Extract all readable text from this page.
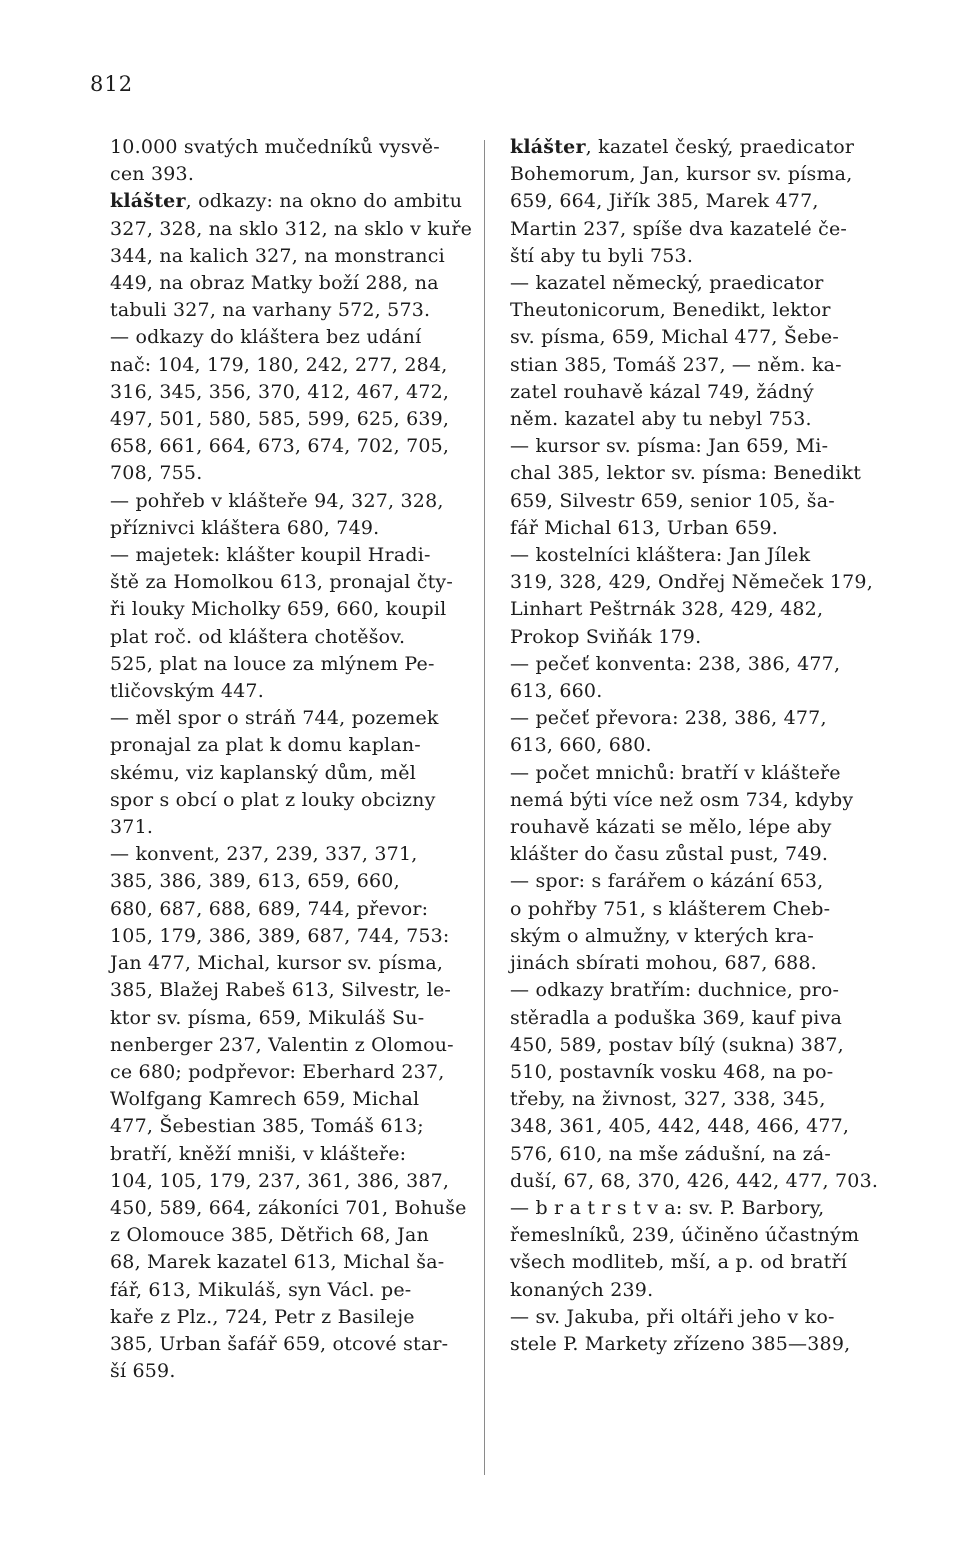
812
10.000 svatých mučedníků vysvě-
cen 393.
klášter, odkazy: na okno do ambitu
327, 328, na sklo 312, na sklo v kuře
344, na kalich 327, na monstranci
449, na obraz Matky boží 288, na
tabuli 327, na varhany 572, 573.
— odkazy do kláštera bez udání
nač: 104, 179, 180, 242, 277, 284,
316, 345, 356, 370, 412, 467, 472,
497, 501, 580, 585, 599, 625, 639,
658, 661, 664, 673, 674, 702, 705,
708, 755.
— pohřeb v klášteře 94, 327, 328,
příznivci kláštera 680, 749.
— majetek: klášter koupil Hradi-
ště za Homolkou 613, pronajal čty-
ři louky Micholky 659, 660, koupil
plat roč. od kláštera chotěšov.
525, plat na louce za mlýnem Pe-
tličovským 447.
— měl spor o stráň 744, pozemek
pronajal za plat k domu kaplan-
skému, viz kaplanský dům, měl
spor s obcí o plat z louky obcizny
371.
— konvent, 237, 239, 337, 371,
385, 386, 389, 613, 659, 660,
680, 687, 688, 689, 744, převor:
105, 179, 386, 389, 687, 744, 753:
Jan 477, Michal, kursor sv. písma,
385, Blažej Rabeš 613, Silvestr, le-
ktor sv. písma, 659, Mikuláš Su-
nenberger 237, Valentin z Olomou-
ce 680; podpřevor: Eberhard 237,
Wolfgang Kamrech 659, Michal
477, Šebestian 385, Tomáš 613;
bratří, kněží mniši, v klášteře:
104, 105, 179, 237, 361, 386, 387,
450, 589, 664, zákoníci 701, Bohuše
z Olomouce 385, Dětřich 68, Jan
68, Marek kazatel 613, Michal ša-
fář, 613, Mikuláš, syn Václ. pe-
kaře z Plz., 724, Petr z Basileje
385, Urban šafář 659, otcové star-
ší 659.
klášter, kazatel český, praedicator
Bohemorum, Jan, kursor sv. písma,
659, 664, Jiřík 385, Marek 477,
Martin 237, spíše dva kazatelé če-
ští aby tu byli 753.
— kazatel německý, praedicator
Theutonicorum, Benedikt, lektor
sv. písma, 659, Michal 477, Šebe-
stian 385, Tomáš 237, — něm. ka-
zatel rouhavě kázal 749, žádný
něm. kazatel aby tu nebyl 753.
— kursor sv. písma: Jan 659, Mi-
chal 385, lektor sv. písma: Benedikt
659, Silvestr 659, senior 105, ša-
fář Michal 613, Urban 659.
— kostelníci kláštera: Jan Jílek
319, 328, 429, Ondřej Němeček 179,
Linhart Peštrnák 328, 429, 482,
Prokop Sviňák 179.
— pečeť konventa: 238, 386, 477,
613, 660.
— pečeť převora: 238, 386, 477,
613, 660, 680.
— počet mnichů: bratří v klášteře
nemá býti více než osm 734, kdyby
rouhavě kázati se mělo, lépe aby
klášter do času zůstal pust, 749.
— spor: s farářem o kázání 653,
o pohřby 751, s klášterem Cheb-
ským o almužny, v kterých kra-
jinách sbírati mohou, 687, 688.
— odkazy bratřím: duchnice, pro-
stěradla a poduška 369, kauf piva
450, 589, postav bílý (sukna) 387,
510, postavník vosku 468, na po-
třeby, na živnost, 327, 338, 345,
348, 361, 405, 442, 448, 466, 477,
576, 610, na mše zádušní, na zá-
duší, 67, 68, 370, 426, 442, 477, 703.
— b r a t r s t v a: sv. P. Barbory,
řemeslníků, 239, účiněno účastným
všech modliteb, mší, a p. od bratří
konaných 239.
— sv. Jakuba, při oltáři jeho v ko-
stele P. Markety zřízeno 385—389,
